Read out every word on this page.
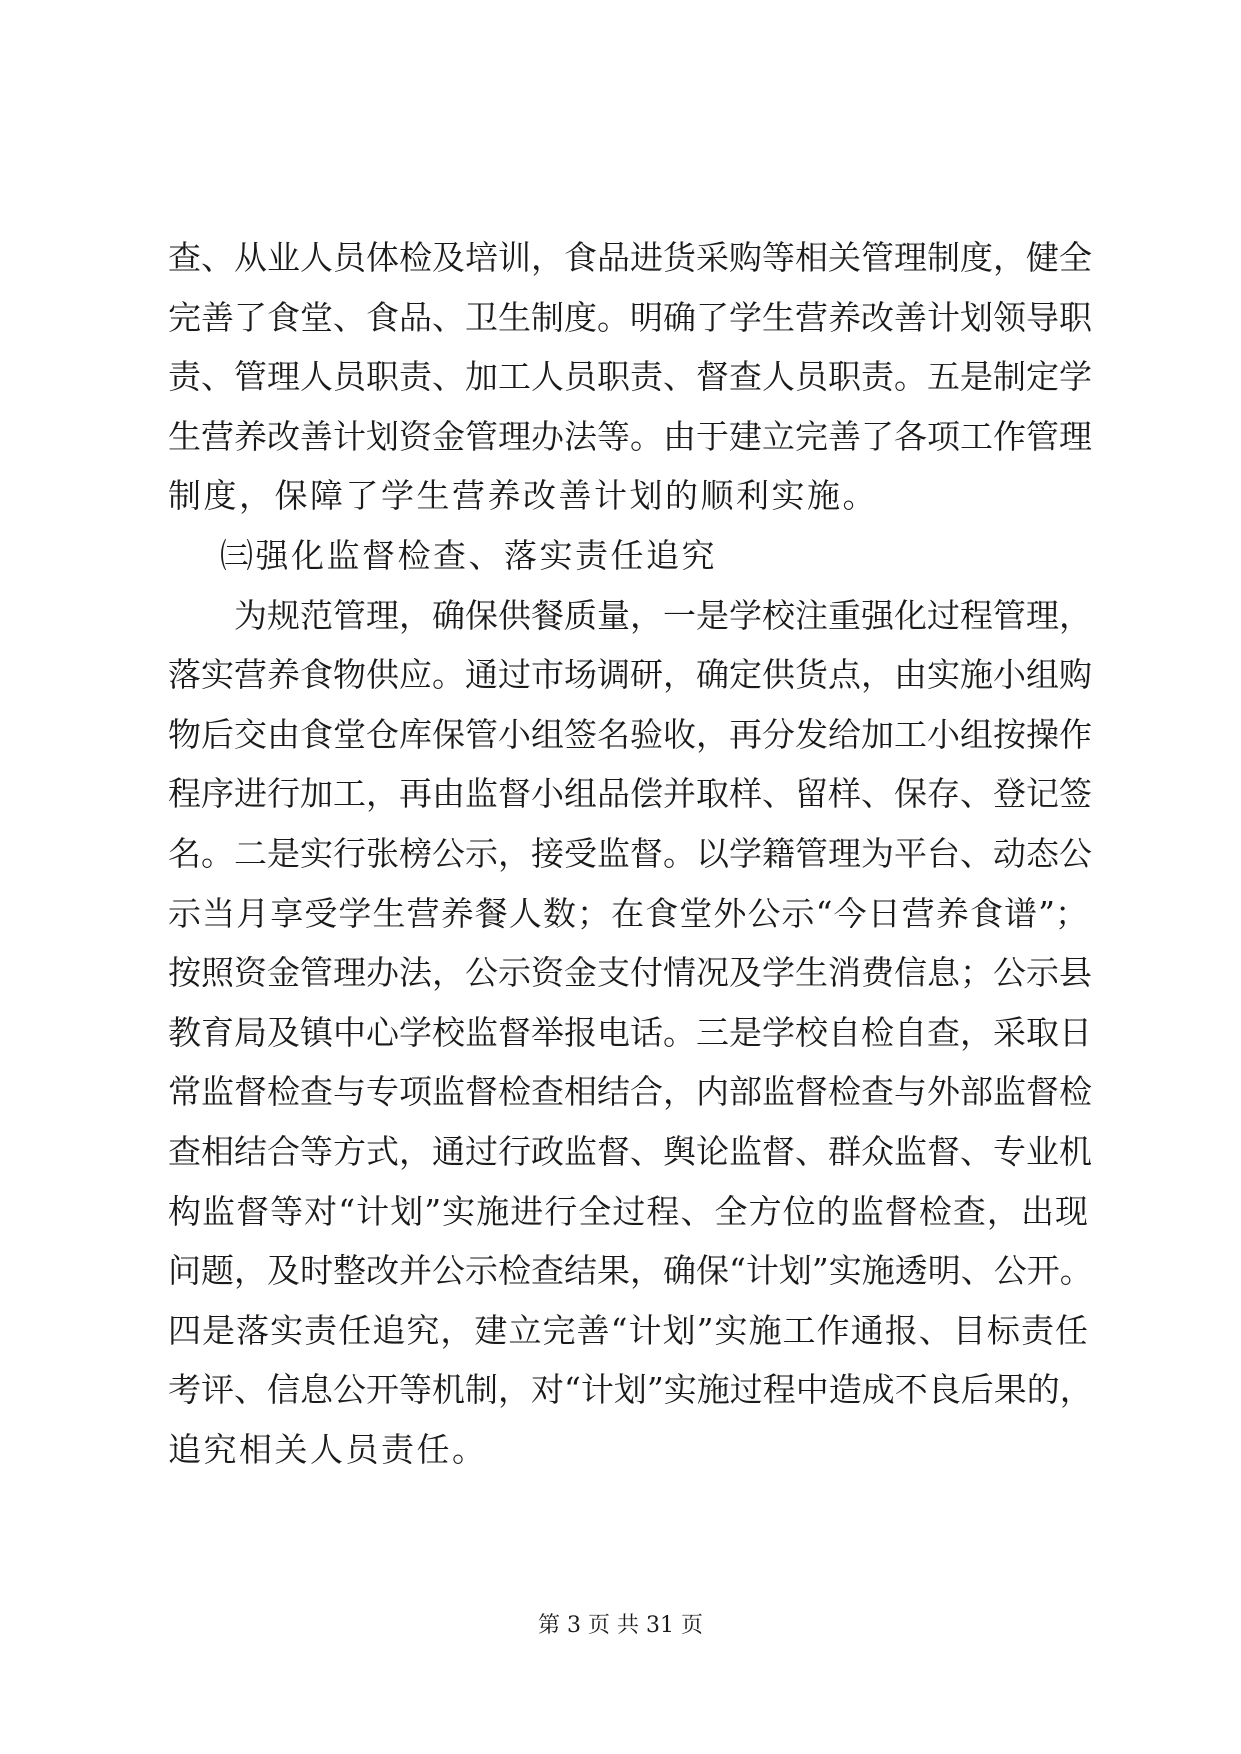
查、从业人员体检及培训，食品进货采购等相关管理制度，健全
完善了食堂、食品、卫生制度。明确了学生营养改善计划领导职
责、管理人员职责、加工人员职责、督查人员职责。五是制定学
生营养改善计划资金管理办法等。由于建立完善了各项工作管理
制度，保障了学生营养改善计划的顺利实施。
㈢强化监督检查、落实责任追究
为规范管理，确保供餐质量，一是学校注重强化过程管理，
落实营养食物供应。通过市场调研，确定供货点，由实施小组购
物后交由食堂仓库保管小组签名验收，再分发给加工小组按操作
程序进行加工，再由监督小组品偿并取样、留样、保存、登记签
名。二是实行张榜公示，接受监督。以学籍管理为平台、动态公
示当月享受学生营养餐人数；在食堂外公示“今日营养食谱”；
按照资金管理办法，公示资金支付情况及学生消费信息；公示县
教育局及镇中心学校监督举报电话。三是学校自检自查，采取日
常监督检查与专项监督检查相结合，内部监督检查与外部监督检
查相结合等方式，通过行政监督、舆论监督、群众监督、专业机
构监督等对“计划”实施进行全过程、全方位的监督检查，出现
问题，及时整改并公示检查结果，确保“计划”实施透明、公开。
四是落实责任追究，建立完善“计划”实施工作通报、目标责任
考评、信息公开等机制，对“计划”实施过程中造成不良后果的，
追究相关人员责任。
第 3 页 共 31 页
